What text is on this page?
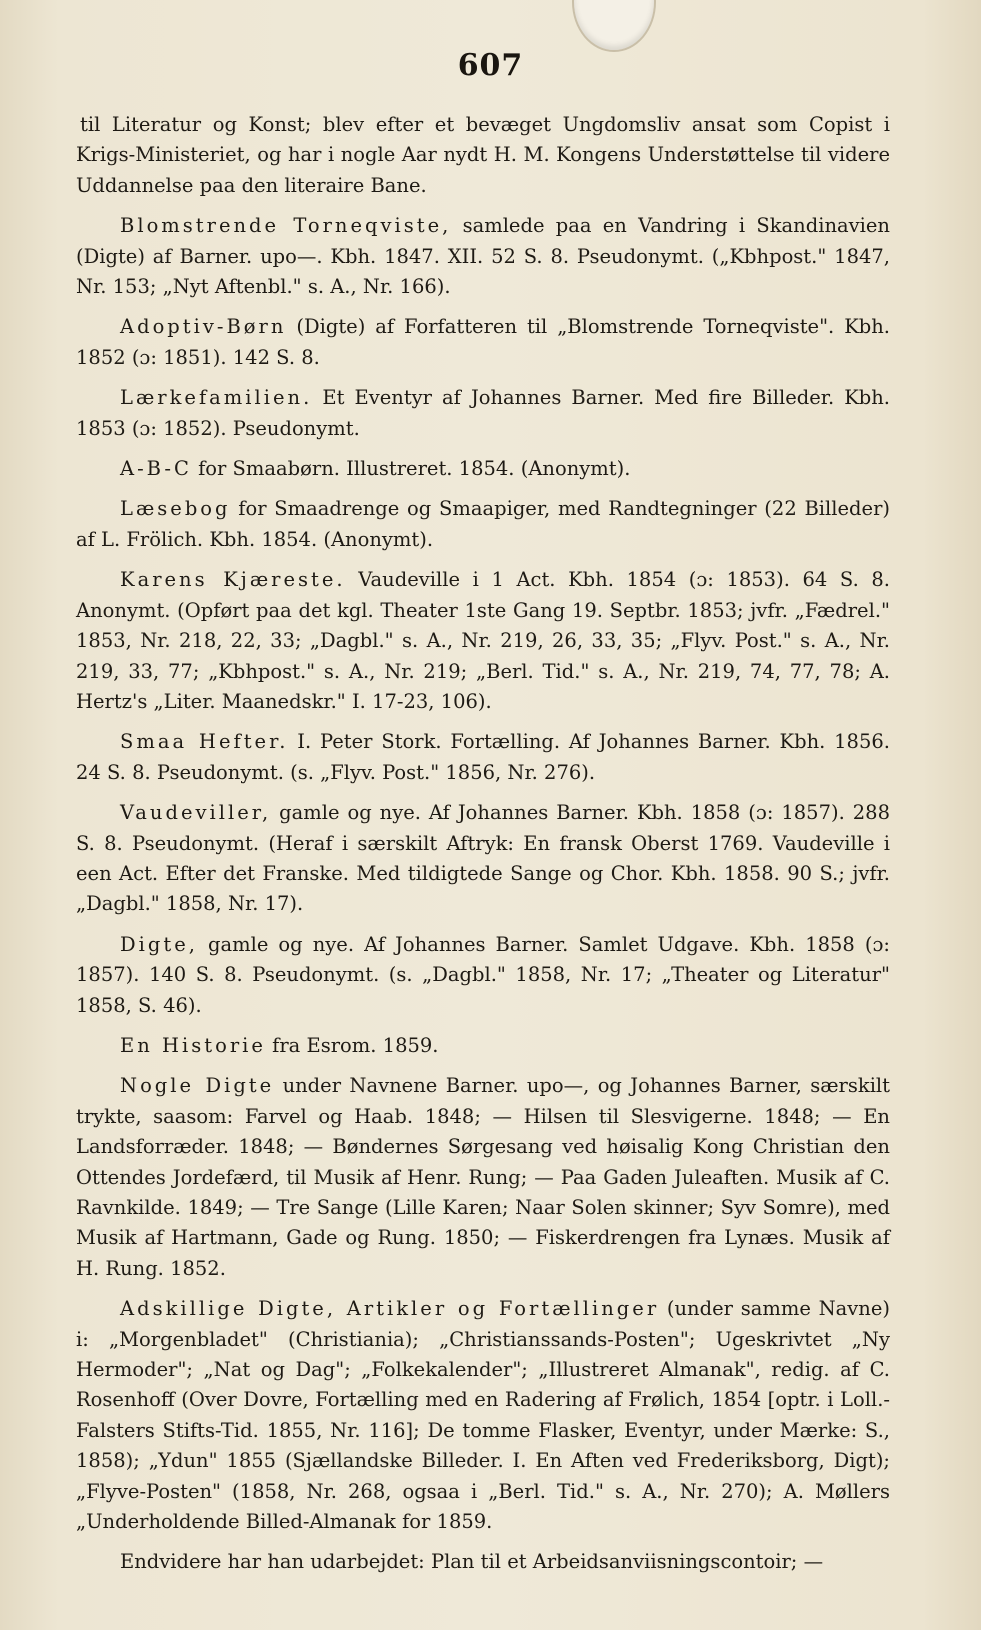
607

til Literatur og Konst; blev efter et bevæget Ungdomsliv ansat som Copist i Krigs-Ministeriet, og har i nogle Aar nydt H. M. Kongens Understøttelse til videre Uddannelse paa den literaire Bane.

Blomstrende Torneqviste, samlede paa en Vandring i Skandinavien (Digte) af Barner. upo—. Kbh. 1847. XII. 52 S. 8. Pseudonymt. („Kbhpost." 1847, Nr. 153; „Nyt Aftenbl." s. A., Nr. 166).

Adoptiv-Børn (Digte) af Forfatteren til „Blomstrende Torneqviste". Kbh. 1852 (ɔ: 1851). 142 S. 8.

Lærkefamilien. Et Eventyr af Johannes Barner. Med fire Billeder. Kbh. 1853 (ɔ: 1852). Pseudonymt.

A-B-C for Smaabørn. Illustreret. 1854. (Anonymt).

Læsebog for Smaadrenge og Smaapiger, med Randtegninger (22 Billeder) af L. Frölich. Kbh. 1854. (Anonymt).

Karens Kjæreste. Vaudeville i 1 Act. Kbh. 1854 (ɔ: 1853). 64 S. 8. Anonymt. (Opført paa det kgl. Theater 1ste Gang 19. Septbr. 1853; jvfr. „Fædrel." 1853, Nr. 218, 22, 33; „Dagbl." s. A., Nr. 219, 26, 33, 35; „Flyv. Post." s. A., Nr. 219, 33, 77; „Kbhpost." s. A., Nr. 219; „Berl. Tid." s. A., Nr. 219, 74, 77, 78; A. Hertz's „Liter. Maanedskr." I. 17-23, 106).

Smaa Hefter. I. Peter Stork. Fortælling. Af Johannes Barner. Kbh. 1856. 24 S. 8. Pseudonymt. (s. „Flyv. Post." 1856, Nr. 276).

Vaudeviller, gamle og nye. Af Johannes Barner. Kbh. 1858 (ɔ: 1857). 288 S. 8. Pseudonymt. (Heraf i særskilt Aftryk: En fransk Oberst 1769. Vaudeville i een Act. Efter det Franske. Med tildigtede Sange og Chor. Kbh. 1858. 90 S.; jvfr. „Dagbl." 1858, Nr. 17).

Digte, gamle og nye. Af Johannes Barner. Samlet Udgave. Kbh. 1858 (ɔ: 1857). 140 S. 8. Pseudonymt. (s. „Dagbl." 1858, Nr. 17; „Theater og Literatur" 1858, S. 46).

En Historie fra Esrom. 1859.

Nogle Digte under Navnene Barner. upo—, og Johannes Barner, særskilt trykte, saasom: Farvel og Haab. 1848; — Hilsen til Slesvigerne. 1848; — En Landsforræder. 1848; — Bøndernes Sørgesang ved høisalig Kong Christian den Ottendes Jordefærd, til Musik af Henr. Rung; — Paa Gaden Juleaften. Musik af C. Ravnkilde. 1849; — Tre Sange (Lille Karen; Naar Solen skinner; Syv Somre), med Musik af Hartmann, Gade og Rung. 1850; — Fiskerdrengen fra Lynæs. Musik af H. Rung. 1852.

Adskillige Digte, Artikler og Fortællinger (under samme Navne) i: „Morgenbladet" (Christiania); „Christianssands-Posten"; Ugeskrivtet „Ny Hermoder"; „Nat og Dag"; „Folkekalender"; „Illustreret Almanak", redig. af C. Rosenhoff (Over Dovre, Fortælling med en Radering af Frølich, 1854 [optr. i Loll.-Falsters Stifts-Tid. 1855, Nr. 116]; De tomme Flasker, Eventyr, under Mærke: S., 1858); „Ydun" 1855 (Sjællandske Billeder. I. En Aften ved Frederiksborg, Digt); „Flyve-Posten" (1858, Nr. 268, ogsaa i „Berl. Tid." s. A., Nr. 270); A. Møllers „Underholdende Billed-Almanak for 1859.

Endvidere har han udarbejdet: Plan til et Arbeidsanviisningscontoir; —
